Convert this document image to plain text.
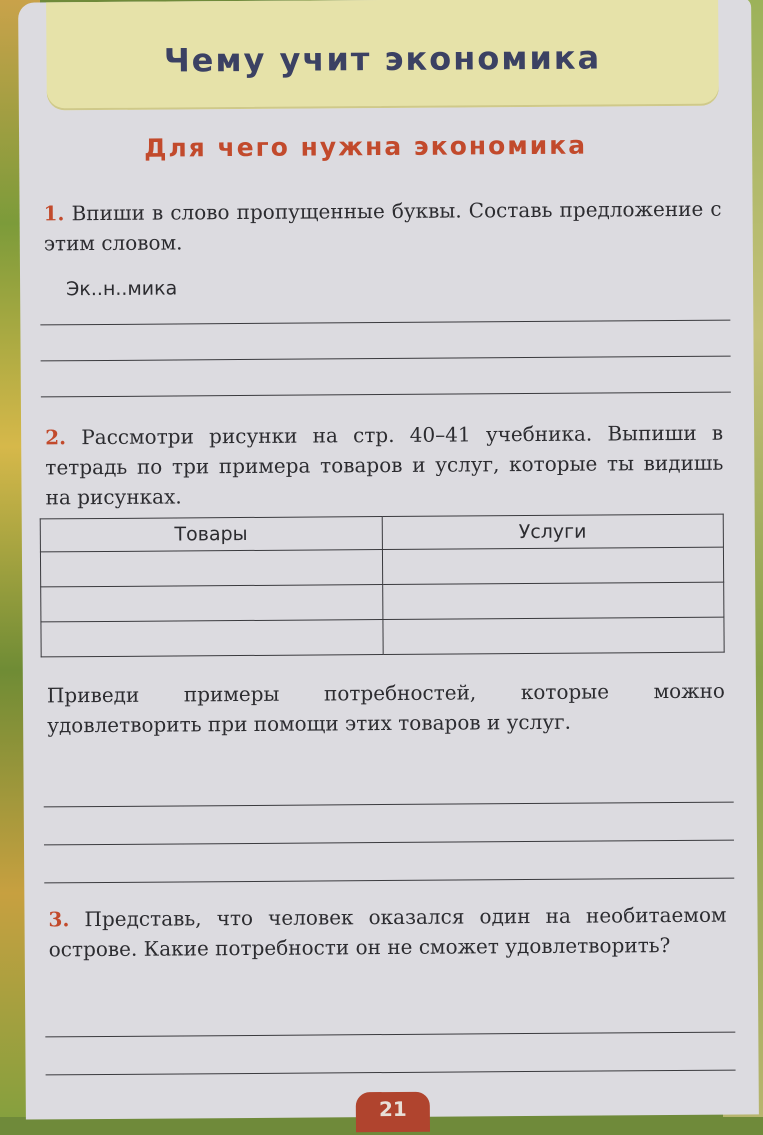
Чему учит экономика
Для чего нужна экономика
1. Впиши в слово пропущенные буквы. Составь предложение с этим словом.
Эк..н..мика
2. Рассмотри рисунки на стр. 40–41 учебника. Выпиши в тетрадь по три примера товаров и услуг, которые ты видишь на рисунках.
Товары	Услуги

Приведи примеры потребностей, которые можно удовлетворить при помощи этих товаров и услуг.
3. Представь, что человек оказался один на необитаемом острове. Какие потребности он не сможет удовлетворить?
21
